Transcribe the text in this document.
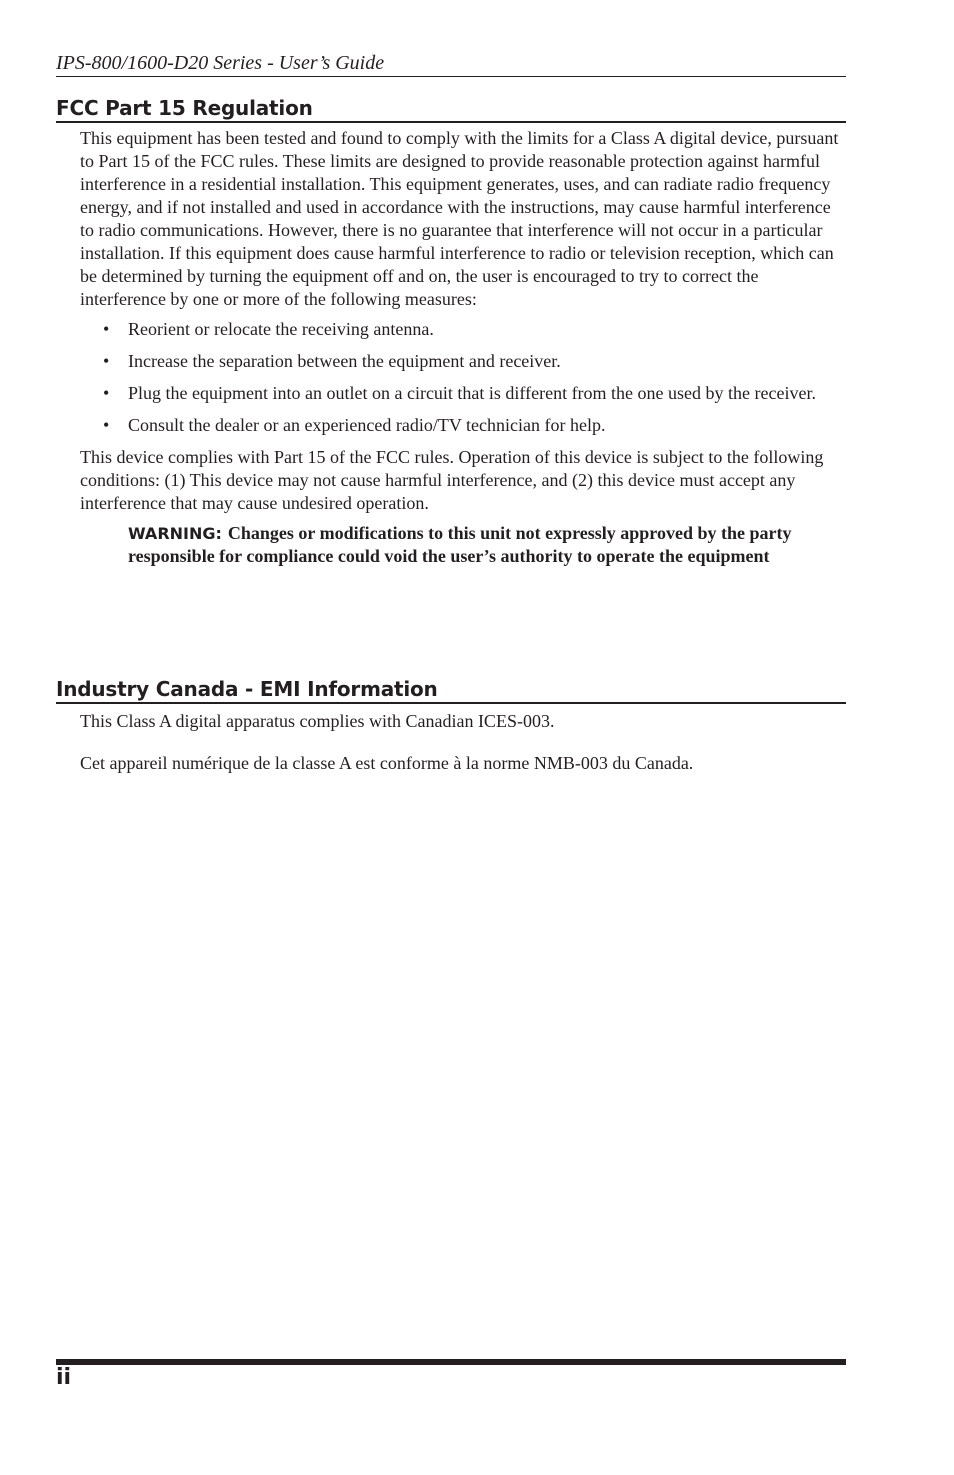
IPS-800/1600-D20 Series - User’s Guide
FCC Part 15 Regulation

This equipment has been tested and found to comply with the limits for a Class A digital device, pursuant to Part 15 of the FCC rules. These limits are designed to provide reasonable protection against harmful interference in a residential installation. This equipment generates, uses, and can radiate radio frequency energy, and if not installed and used in accordance with the instructions, may cause harmful interference to radio communications. However, there is no guarantee that interference will not occur in a particular installation. If this equipment does cause harmful interference to radio or television reception, which can be determined by turning the equipment off and on, the user is encouraged to try to correct the interference by one or more of the following measures:

• Reorient or relocate the receiving antenna.
• Increase the separation between the equipment and receiver.
• Plug the equipment into an outlet on a circuit that is different from the one used by the receiver.
• Consult the dealer or an experienced radio/TV technician for help.

This device complies with Part 15 of the FCC rules. Operation of this device is subject to the following conditions: (1) This device may not cause harmful interference, and (2) this device must accept any interference that may cause undesired operation.

WARNING: Changes or modifications to this unit not expressly approved by the party responsible for compliance could void the user’s authority to operate the equipment

Industry Canada - EMI Information

This Class A digital apparatus complies with Canadian ICES-003.

Cet appareil numérique de la classe A est conforme à la norme NMB-003 du Canada.

ii
